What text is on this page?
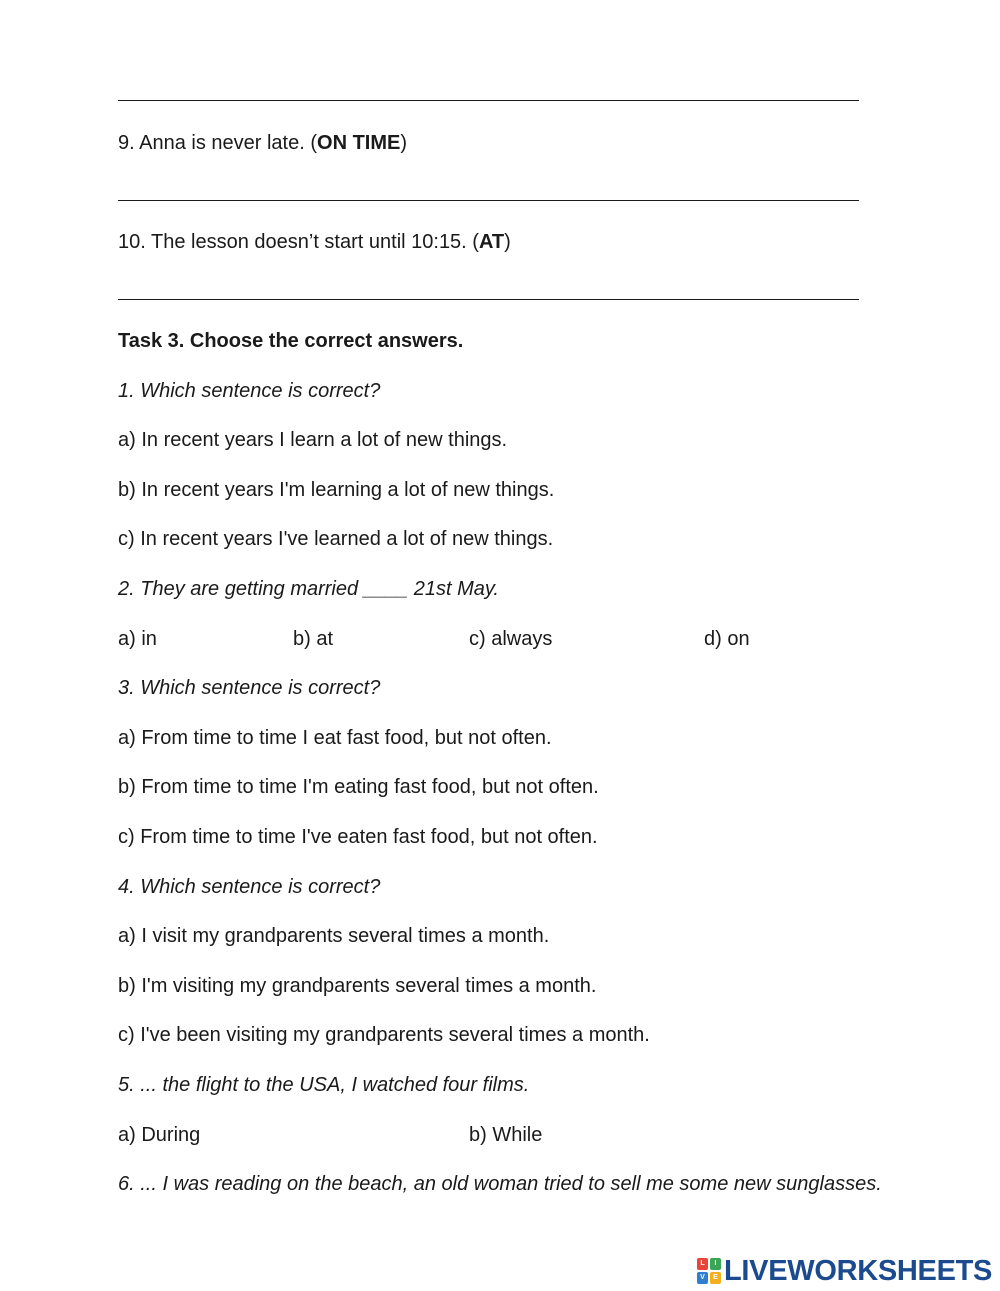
9. Anna is never late. (ON TIME)
10. The lesson doesn’t start until 10:15. (AT)
Task 3. Choose the correct answers.
1. Which sentence is correct?
a) In recent years I learn a lot of new things.
b) In recent years I'm learning a lot of new things.
c) In recent years I've learned a lot of new things.
2. They are getting married ____ 21st May.
a) in	b) at	c) always	d) on
3. Which sentence is correct?
a) From time to time I eat fast food, but not often.
b) From time to time I'm eating fast food, but not often.
c) From time to time I've eaten fast food, but not often.
4. Which sentence is correct?
a) I visit my grandparents several times a month.
b) I'm visiting my grandparents several times a month.
c) I've been visiting my grandparents several times a month.
5. ... the flight to the USA, I watched four films.
a) During	b) While
6. ... I was reading on the beach, an old woman tried to sell me some new sunglasses.
L	I
V	E LIVEWORKSHEETS
